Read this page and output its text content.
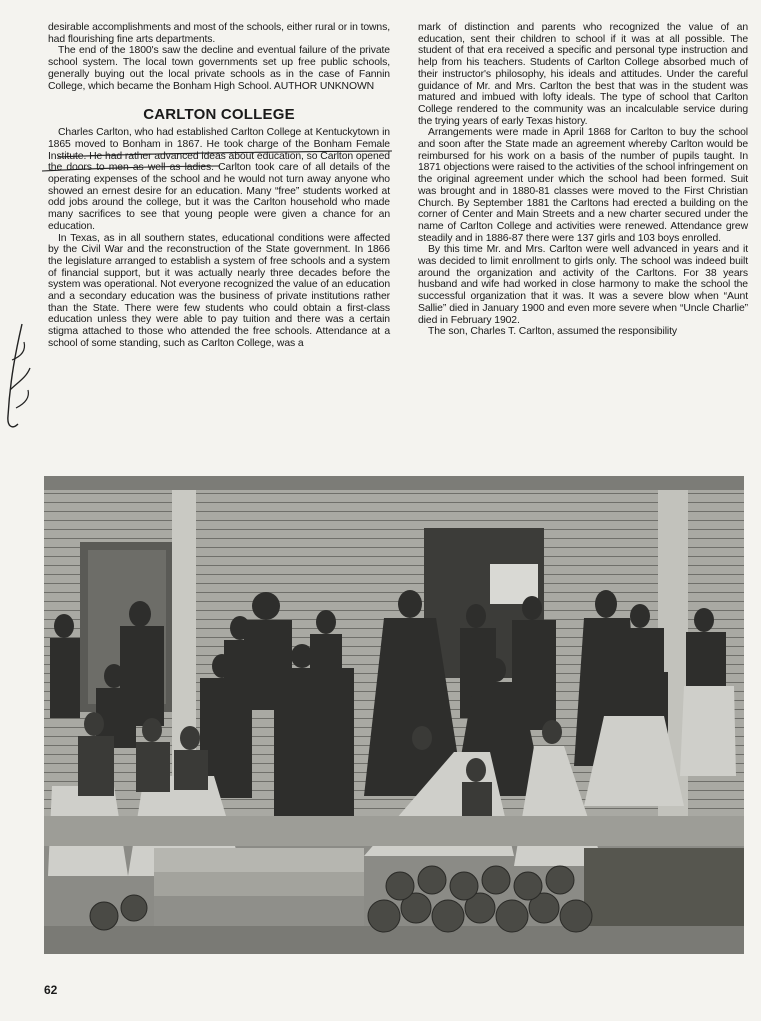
desirable accomplishments and most of the schools, either rural or in towns, had flourishing fine arts departments.

The end of the 1800's saw the decline and eventual failure of the private school system. The local town governments set up free public schools, generally buying out the local private schools as in the case of Fannin College, which became the Bonham High School. AUTHOR UNKNOWN

CARLTON COLLEGE

Charles Carlton, who had established Carlton College at Kentuckytown in 1865 moved to Bonham in 1867. He took charge of the Bonham Female Institute. He had rather advanced ideas about education, so Carlton opened the doors to men as well as ladies. Carlton took care of all details of the operating expenses of the school and he would not turn away anyone who showed an ernest desire for an education. Many “free” students worked at odd jobs around the college, but it was the Carlton household who made many sacrifices to see that young people were given a chance for an education.

In Texas, as in all southern states, educational conditions were affected by the Civil War and the reconstruction of the State government. In 1866 the legislature arranged to establish a system of free schools and a system of financial support, but it was actually nearly three decades before the system was operational. Not everyone recognized the value of an education and a secondary education was the business of private institutions rather than the State. There were few students who could obtain a first-class education unless they were able to pay tuition and there was a certain stigma attached to those who attended the free schools. Attendance at a school of some standing, such as Carlton College, was a

mark of distinction and parents who recognized the value of an education, sent their children to school if it was at all possible. The student of that era received a specific and personal type instruction and help from his teachers. Students of Carlton College absorbed much of their instructor's philosophy, his ideals and attitudes. Under the careful guidance of Mr. and Mrs. Carlton the best that was in the student was matured and imbued with lofty ideals. The type of school that Carlton College rendered to the community was an incalculable service during the trying years of early Texas history.

Arrangements were made in April 1868 for Carlton to buy the school and soon after the State made an agreement whereby Carlton would be reimbursed for his work on a basis of the number of pupils taught. In 1871 objections were raised to the activities of the school infringement on the original agreement under which the school had been formed. Suit was brought and in 1880-81 classes were moved to the First Christian Church. By September 1881 the Carltons had erected a building on the corner of Center and Main Streets and a new charter secured under the name of Carlton College and activities were renewed. Attendance grew steadily and in 1886-87 there were 137 girls and 103 boys enrolled.

By this time Mr. and Mrs. Carlton were well advanced in years and it was decided to limit enrollment to girls only. The school was indeed built around the organization and activity of the Carltons. For 38 years husband and wife had worked in close harmony to make the school the successful organization that it was. It was a severe blow when “Aunt Sallie” died in January 1900 and even more severe when “Uncle Charlie” died in February 1902.

The son, Charles T. Carlton, assumed the responsibility

62
